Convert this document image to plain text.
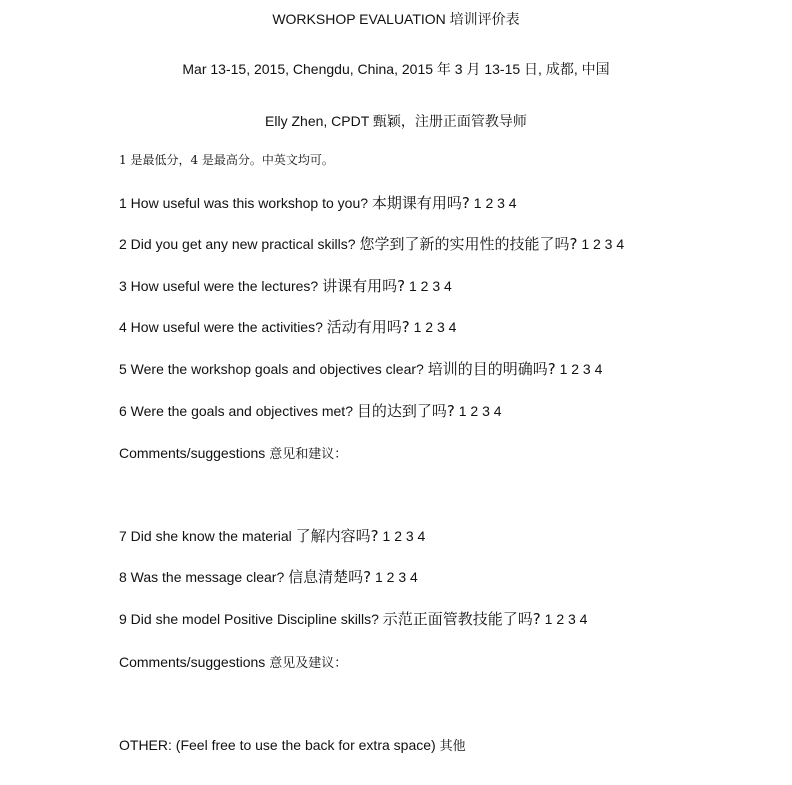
WORKSHOP EVALUATION 培训评价表
Mar 13-15, 2015, Chengdu, China, 2015 年 3 月 13-15 日, 成都, 中国
Elly Zhen, CPDT 甄颖，注册正面管教导师
1 是最低分，4 是最高分。中英文均可。
1 How useful was this workshop to you? 本期课有用吗? 1 2 3 4
2 Did you get any new practical skills? 您学到了新的实用性的技能了吗? 1 2 3 4
3 How useful were the lectures? 讲课有用吗? 1 2 3 4
4 How useful were the activities? 活动有用吗? 1 2 3 4
5 Were the workshop goals and objectives clear? 培训的目的明确吗? 1 2 3 4
6 Were the goals and objectives met? 目的达到了吗? 1 2 3 4
Comments/suggestions 意见和建议：
7 Did she know the material 了解内容吗? 1 2 3 4
8 Was the message clear? 信息清楚吗? 1 2 3 4
9 Did she model Positive Discipline skills? 示范正面管教技能了吗? 1 2 3 4
Comments/suggestions 意见及建议：
OTHER: (Feel free to use the back for extra space) 其他
